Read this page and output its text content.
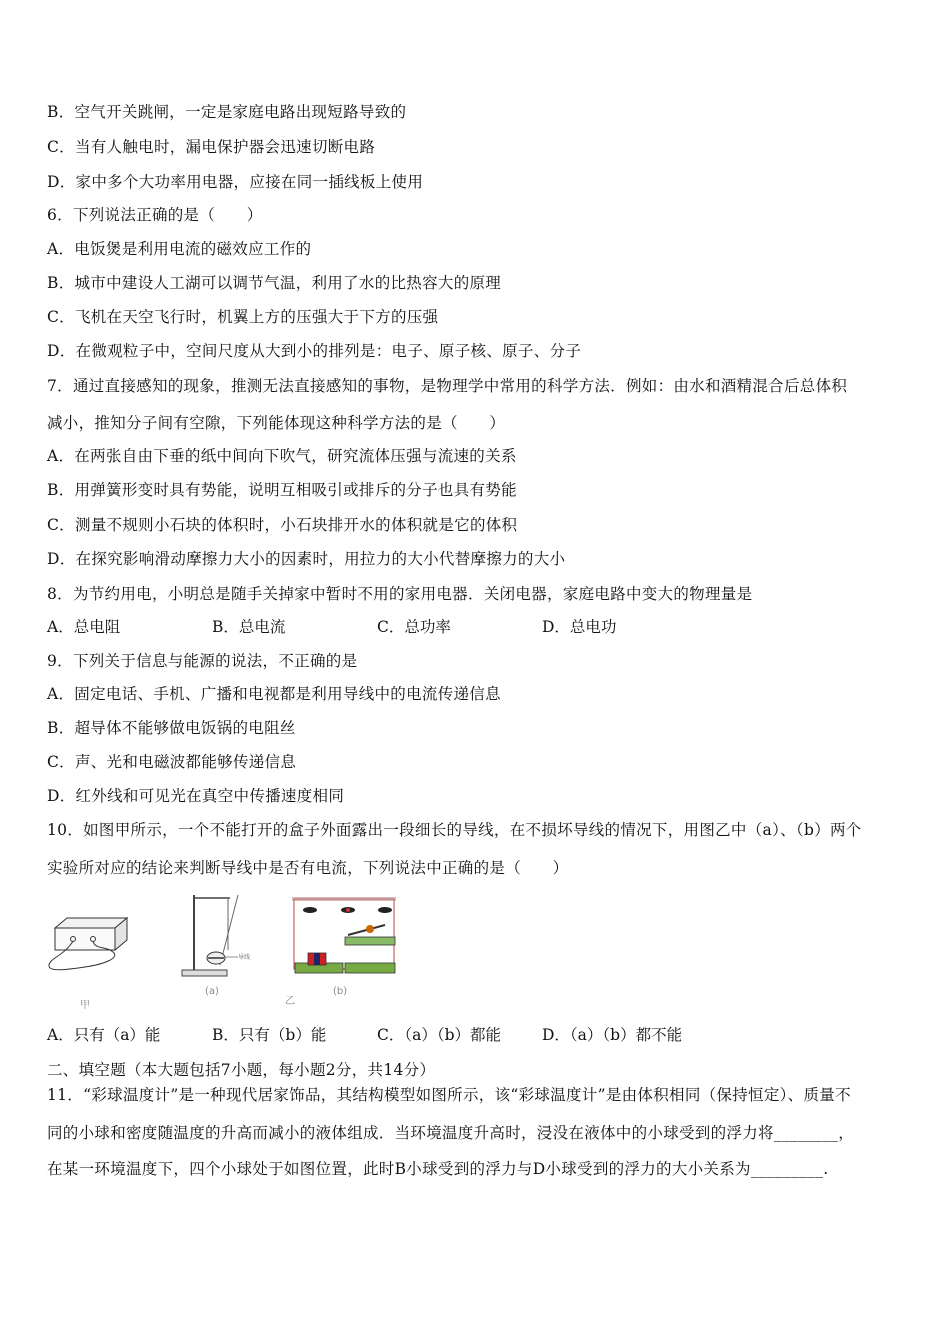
B．空气开关跳闸，一定是家庭电路出现短路导致的
C．当有人触电时，漏电保护器会迅速切断电路
D．家中多个大功率用电器，应接在同一插线板上使用
6．下列说法正确的是（　　）
A．电饭煲是利用电流的磁效应工作的
B．城市中建设人工湖可以调节气温，利用了水的比热容大的原理
C．飞机在天空飞行时，机翼上方的压强大于下方的压强
D．在微观粒子中，空间尺度从大到小的排列是：电子、原子核、原子、分子
7．通过直接感知的现象，推测无法直接感知的事物，是物理学中常用的科学方法．例如：由水和酒精混合后总体积
减小，推知分子间有空隙，下列能体现这种科学方法的是（　　）
A．在两张自由下垂的纸中间向下吹气，研究流体压强与流速的关系
B．用弹簧形变时具有势能，说明互相吸引或排斥的分子也具有势能
C．测量不规则小石块的体积时，小石块排开水的体积就是它的体积
D．在探究影响滑动摩擦力大小的因素时，用拉力的大小代替摩擦力的大小
8．为节约用电，小明总是随手关掉家中暂时不用的家用电器．关闭电器，家庭电路中变大的物理量是
A．总电阻	B．总电流	C．总功率	D．总电功
9．下列关于信息与能源的说法，不正确的是
A．固定电话、手机、广播和电视都是利用导线中的电流传递信息
B．超导体不能够做电饭锅的电阻丝
C．声、光和电磁波都能够传递信息
D．红外线和可见光在真空中传播速度相同
10．如图甲所示，一个不能打开的盒子外面露出一段细长的导线，在不损坏导线的情况下，用图乙中（a）、（b）两个
实验所对应的结论来判断导线中是否有电流，下列说法中正确的是（　　）
甲
导线
(a)
乙
(b)
A．只有（a）能	B．只有（b）能	C．（a）（b）都能	D．（a）（b）都不能
二、填空题（本大题包括7小题，每小题2分，共14分）
11．“彩球温度计”是一种现代居家饰品，其结构模型如图所示，该“彩球温度计”是由体积相同（保持恒定）、质量不
同的小球和密度随温度的升高而减小的液体组成．当环境温度升高时，浸没在液体中的小球受到的浮力将________，
在某一环境温度下，四个小球处于如图位置，此时B小球受到的浮力与D小球受到的浮力的大小关系为_________.
